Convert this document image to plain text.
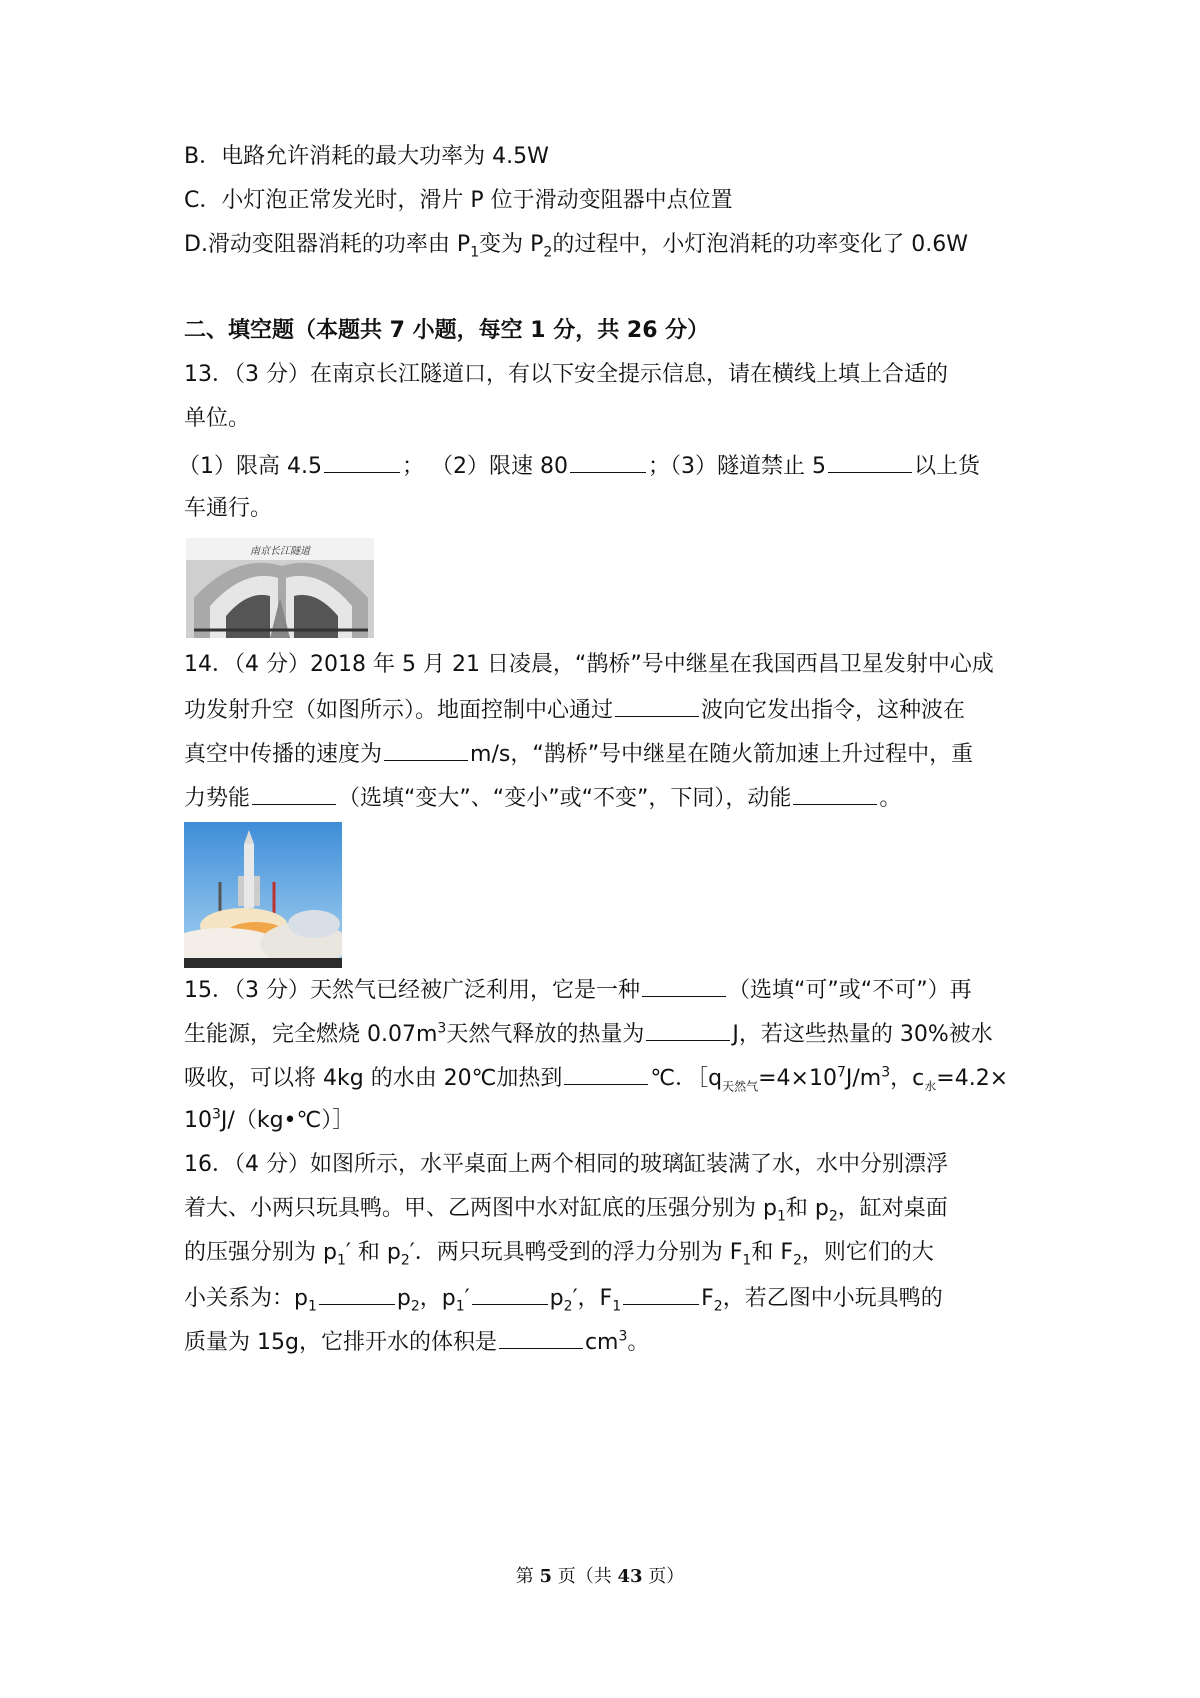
B．电路允许消耗的最大功率为 4.5W
C．小灯泡正常发光时，滑片 P 位于滑动变阻器中点位置
D.滑动变阻器消耗的功率由 $P_1$变为 $P_2$的过程中，小灯泡消耗的功率变化了 0.6W
二、填空题（本题共 7 小题，每空 1 分，共 26 分）
13．（3 分）在南京长江隧道口，有以下安全提示信息，请在横线上填上合适的
单位。
（1）限高 4.5	； （2）限速 80	；（3）隧道禁止 5	以上货
车通行。
南京长江隧道
14．（4 分）2018 年 5 月 21 日凌晨，“鹊桥”号中继星在我国西昌卫星发射中心成
功发射升空（如图所示）。地面控制中心通过	波向它发出指令，这种波在
真空中传播的速度为	m/s，“鹊桥”号中继星在随火箭加速上升过程中，重
力势能	（选填“变大”、“变小”或“不变”，下同），动能	。
15．（3 分）天然气已经被广泛利用，它是一种	（选填“可”或“不可”）再
生能源，完全燃烧 $0.07m^3$天然气释放的热量为	J，若这些热量的 30%被水
吸收，可以将 4kg 的水由 20℃加热到	℃．$[q_{天然气}=4\times 10^7J/m^3$，$c_水=4.2\times$
$10^3J/(kg•℃)]$
16．（4 分）如图所示，水平桌面上两个相同的玻璃缸装满了水，水中分别漂浮
着大、小两只玩具鸭。甲、乙两图中水对缸底的压强分别为 $p_1$和 $p_2$，缸对桌面
的压强分别为 $p_1'$ 和 $p_2'$．两只玩具鸭受到的浮力分别为 $F_1$和 $F_2$，则它们的大
小关系为：$p_1$	$p_2$，$p_1'$	$p_2'$，$F_1$	$F_2$，若乙图中小玩具鸭的
质量为 15g，它排开水的体积是	$cm^3$。
第 5 页（共 43 页）
